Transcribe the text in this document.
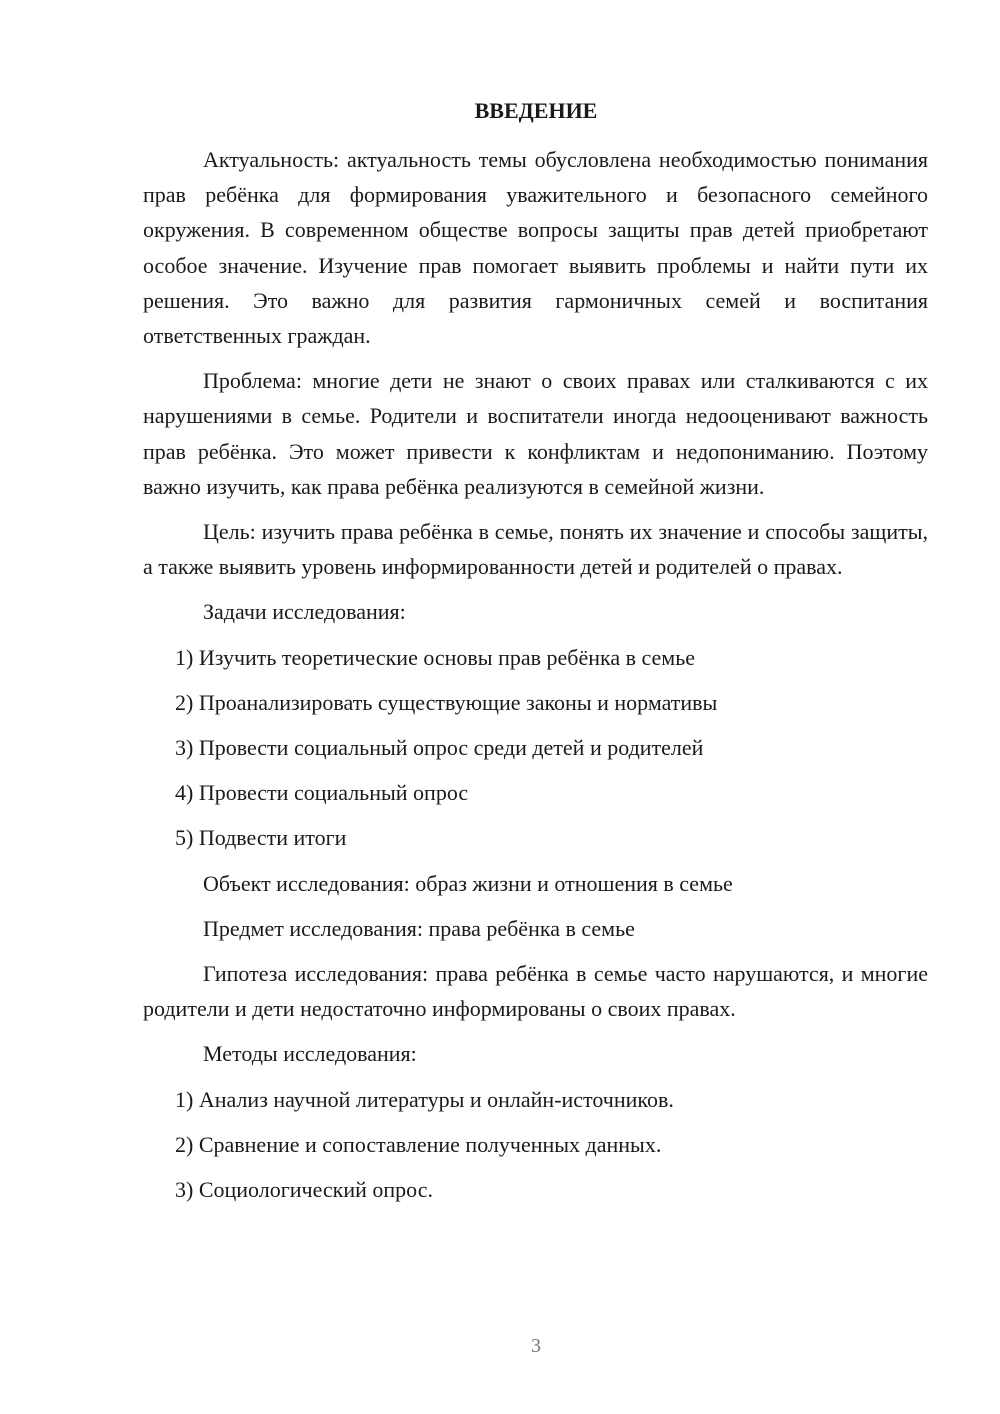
ВВЕДЕНИЕ

Актуальность: актуальность темы обусловлена необходимостью понимания прав ребёнка для формирования уважительного и безопасного семейного окружения. В современном обществе вопросы защиты прав детей приобретают особое значение. Изучение прав помогает выявить проблемы и найти пути их решения. Это важно для развития гармоничных семей и воспитания ответственных граждан.

Проблема: многие дети не знают о своих правах или сталкиваются с их нарушениями в семье. Родители и воспитатели иногда недооценивают важность прав ребёнка. Это может привести к конфликтам и недопониманию. Поэтому важно изучить, как права ребёнка реализуются в семейной жизни.

Цель: изучить права ребёнка в семье, понять их значение и способы защиты, а также выявить уровень информированности детей и родителей о правах.

Задачи исследования:

1) Изучить теоретические основы прав ребёнка в семье

2) Проанализировать существующие законы и нормативы

3) Провести социальный опрос среди детей и родителей

4) Провести социальный опрос

5) Подвести итоги

Объект исследования: образ жизни и отношения в семье

Предмет исследования: права ребёнка в семье

Гипотеза исследования: права ребёнка в семье часто нарушаются, и многие родители и дети недостаточно информированы о своих правах.

Методы исследования:

1) Анализ научной литературы и онлайн-источников.

2) Сравнение и сопоставление полученных данных.

3) Социологический опрос.

3
